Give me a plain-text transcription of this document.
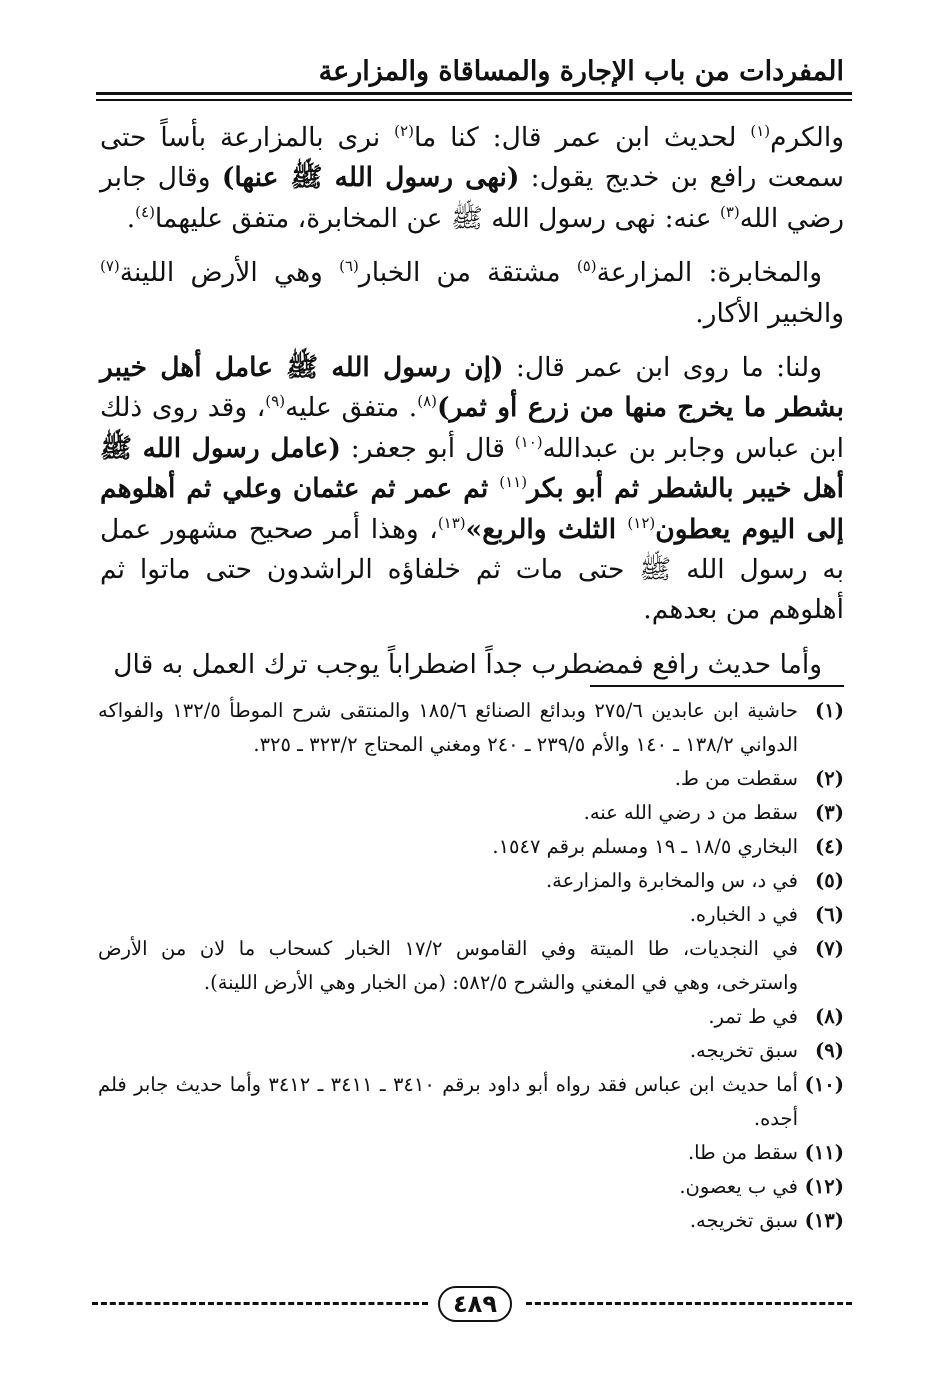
المفردات من باب الإجارة والمساقاة والمزارعة

والكرم$^{(١)}$ لحديث ابن عمر قال: كنا ما$^{(٢)}$ نرى بالمزارعة بأساً حتى سمعت رافع بن خديج يقول: (نهى رسول الله ﷺ عنها) وقال جابر رضي الله$^{(٣)}$ عنه: نهى رسول الله ﷺ عن المخابرة، متفق عليهما$^{(٤)}$.

والمخابرة: المزارعة$^{(٥)}$ مشتقة من الخبار$^{(٦)}$ وهي الأرض اللينة$^{(٧)}$ والخبير الأكار.

ولنا: ما روى ابن عمر قال: (إن رسول الله ﷺ عامل أهل خيبر بشطر ما يخرج منها من زرع أو ثمر)$^{(٨)}$. متفق عليه$^{(٩)}$، وقد روى ذلك ابن عباس وجابر بن عبدالله$^{(١٠)}$ قال أبو جعفر: (عامل رسول الله ﷺ أهل خيبر بالشطر ثم أبو بكر$^{(١١)}$ ثم عمر ثم عثمان وعلي ثم أهلوهم إلى اليوم يعطون$^{(١٢)}$ الثلث والربع»$^{(١٣)}$، وهذا أمر صحيح مشهور عمل به رسول الله ﷺ حتى مات ثم خلفاؤه الراشدون حتى ماتوا ثم أهلوهم من بعدهم.

وأما حديث رافع فمضطرب جداً اضطراباً يوجب ترك العمل به قال

(١)
حاشية ابن عابدين ٢٧٥/٦ وبدائع الصنائع ١٨٥/٦ والمنتقى شرح الموطأ ١٣٢/٥ والفواكه الدواني ١٣٨/٢ ـ ١٤٠ والأم ٢٣٩/٥ ـ ٢٤٠ ومغني المحتاج ٣٢٣/٢ ـ ٣٢٥.
(٢)
سقطت من ط.
(٣)
سقط من د رضي الله عنه.
(٤)
البخاري ١٨/٥ ـ ١٩ ومسلم برقم ١٥٤٧.
(٥)
في د، س والمخابرة والمزارعة.
(٦)
في د الخباره.
(٧)
في النجديات، طا الميتة وفي القاموس ١٧/٢ الخبار كسحاب ما لان من الأرض واسترخى، وهي في المغني والشرح ٥٨٢/٥: (من الخبار وهي الأرض اللينة).
(٨)
في ط تمر.
(٩)
سبق تخريجه.
(١٠)
أما حديث ابن عباس فقد رواه أبو داود برقم ٣٤١٠ ـ ٣٤١١ ـ ٣٤١٢ وأما حديث جابر فلم أجده.
(١١)
سقط من طا.
(١٢)
في ب يعصون.
(١٣)
سبق تخريجه.
٤٨٩
